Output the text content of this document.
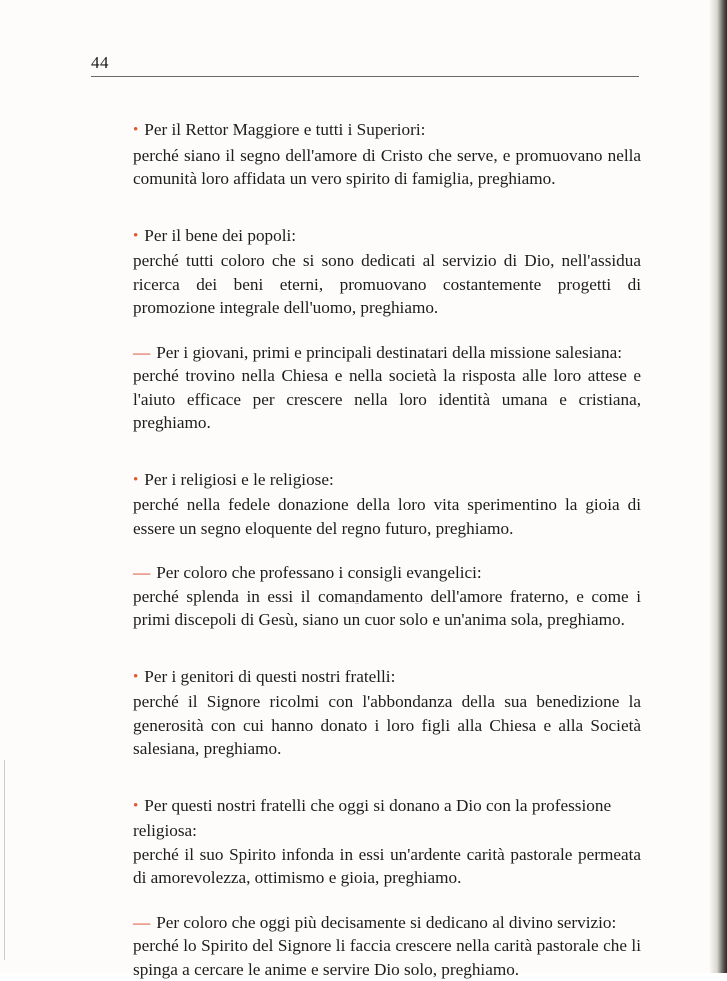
44

• Per il Rettor Maggiore e tutti i Superiori:

perché siano il segno dell'amore di Cristo che serve, e promuovano nella comunità loro affidata un vero spirito di famiglia, preghiamo.

• Per il bene dei popoli:

perché tutti coloro che si sono dedicati al servizio di Dio, nell'assidua ricerca dei beni eterni, promuovano costantemente progetti di promozione integrale dell'uomo, preghiamo.

— Per i giovani, primi e principali destinatari della missione salesiana:

perché trovino nella Chiesa e nella società la risposta alle loro attese e l'aiuto efficace per crescere nella loro identità umana e cristiana, preghiamo.

• Per i religiosi e le religiose:

perché nella fedele donazione della loro vita sperimentino la gioia di essere un segno eloquente del regno futuro, preghiamo.

— Per coloro che professano i consigli evangelici:

perché splenda in essi il comandamento dell'amore fraterno, e come i primi discepoli di Gesù, siano un cuor solo e un'anima sola, preghiamo.

• Per i genitori di questi nostri fratelli:

perché il Signore ricolmi con l'abbondanza della sua benedizione la generosità con cui hanno donato i loro figli alla Chiesa e alla Società salesiana, preghiamo.

• Per questi nostri fratelli che oggi si donano a Dio con la professione religiosa:

perché il suo Spirito infonda in essi un'ardente carità pastorale permeata di amorevolezza, ottimismo e gioia, preghiamo.

— Per coloro che oggi più decisamente si dedicano al divino servizio:

perché lo Spirito del Signore li faccia crescere nella carità pastorale che li spinga a cercare le anime e servire Dio solo, preghiamo.
